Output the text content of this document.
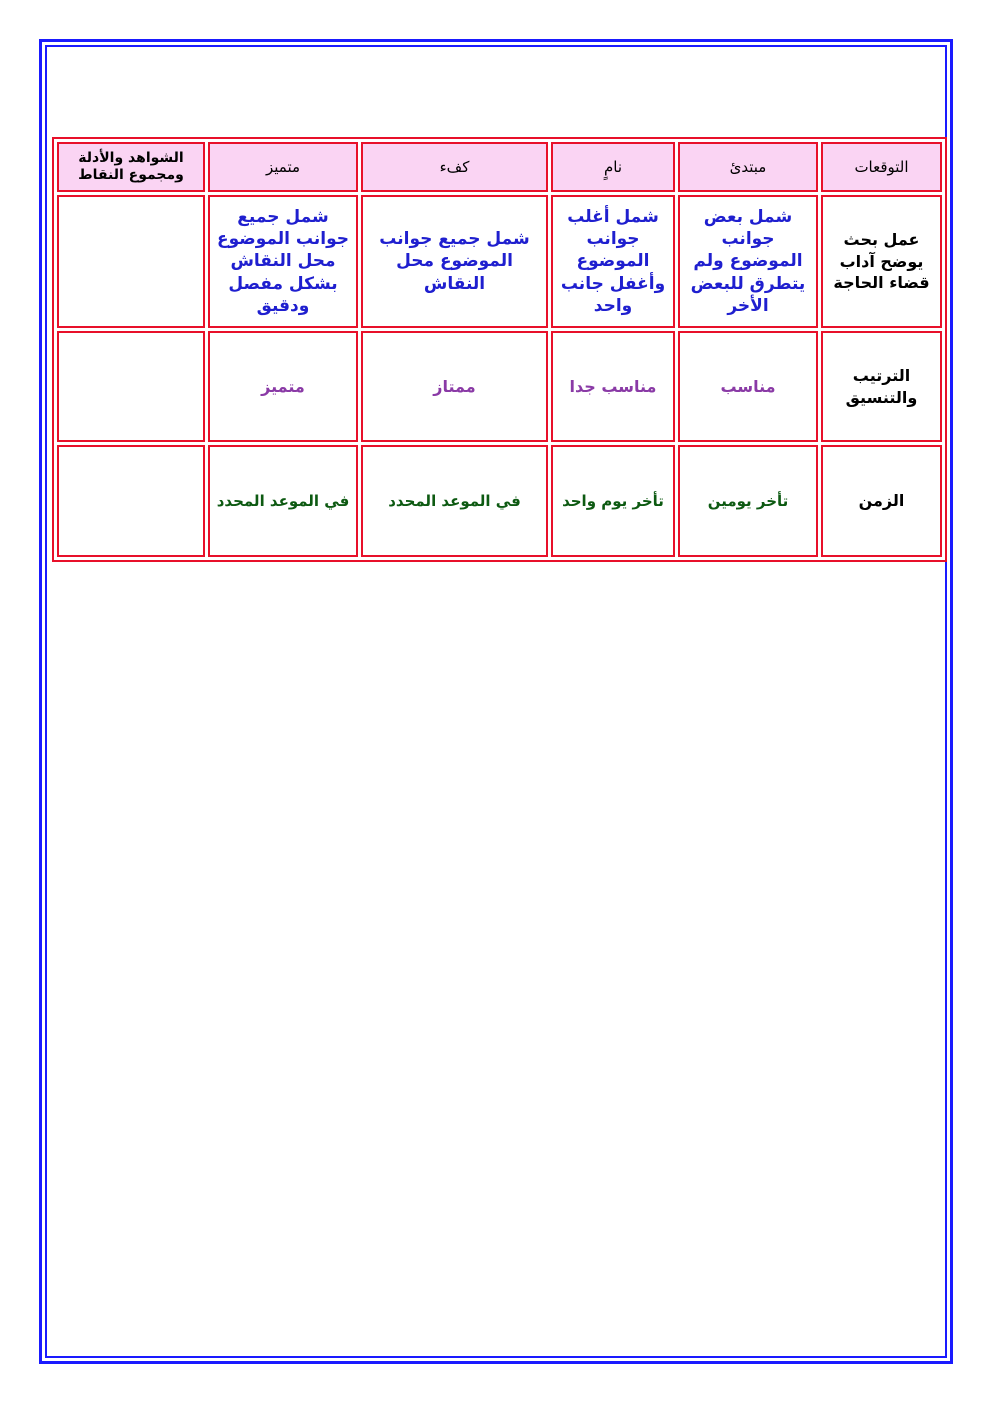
التوقعات	مبتدئ	نامٍ	كفء	متميز	الشواهد والأدلة ومجموع النقاط
عمل بحث يوضح آداب قضاء الحاجة	شمل بعض جوانب الموضوع ولم يتطرق للبعض الأخر	شمل أغلب جوانب الموضوع وأغفل جانب واحد	شمل جميع جوانب الموضوع محل النقاش	شمل جميع جوانب الموضوع محل النقاش بشكل مفصل ودقيق	
الترتيب والتنسيق	مناسب	مناسب جدا	ممتاز	متميز	
الزمن	تأخر يومين	تأخر يوم واحد	في الموعد المحدد	في الموعد المحدد	
